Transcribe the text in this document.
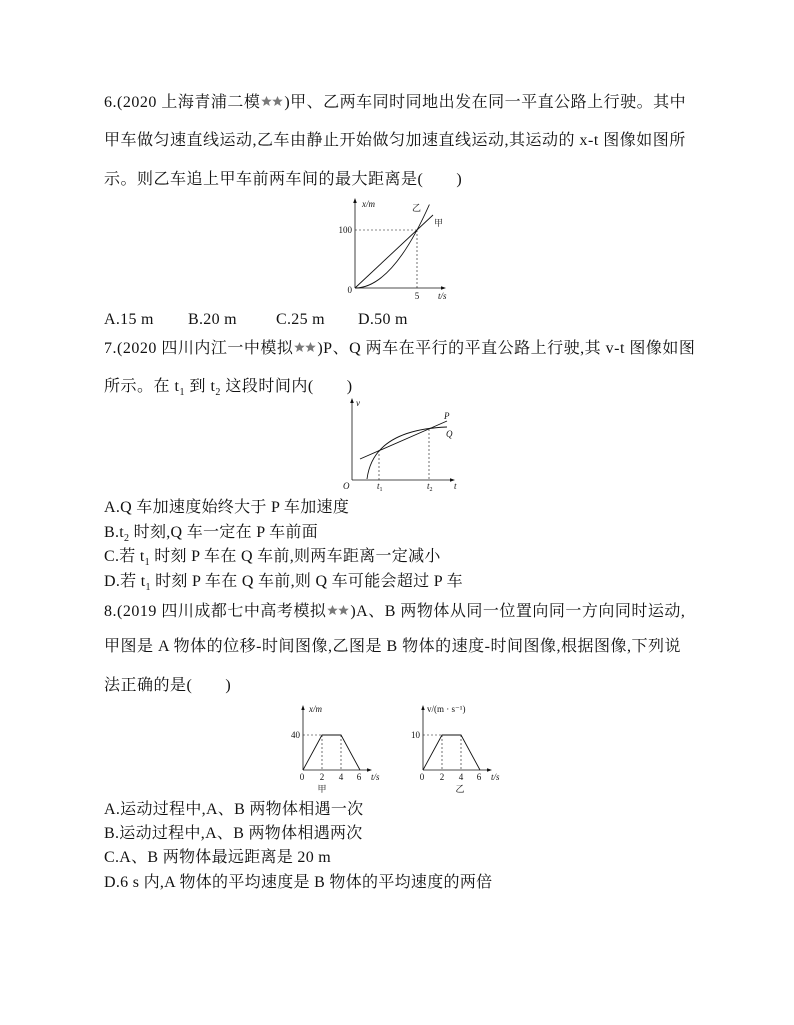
6.(2020 上海青浦二模 )甲、乙两车同时同地出发在同一平直公路上行驶。其中
甲车做匀速直线运动,乙车由静止开始做匀加速直线运动,其运动的 x-t 图像如图所
示。则乙车追上甲车前两车间的最大距离是(　　)
x/m
100
0
5 t/s
乙
甲
A.15 m B.20 m C.25 m D.50 m
7.(2020 四川内江一中模拟 )P、Q 两车在平行的平直公路上行驶,其 v-t 图像如图
所示。在 $t_1$ 到 $t_2$ 这段时间内(　　)
v
t
O	$t_1$	$t_2$
P
Q
A.Q 车加速度始终大于 P 车加速度
$B.t_2$ 时刻,Q 车一定在 P 车前面
C.若 $t_1$ 时刻 P 车在 Q 车前,则两车距离一定减小
D.若 $t_1$ 时刻 P 车在 Q 车前,则 Q 车可能会超过 P 车
8.(2019 四川成都七中高考模拟 )A、B 两物体从同一位置向同一方向同时运动,
甲图是 A 物体的位移-时间图像,乙图是 B 物体的速度-时间图像,根据图像,下列说
法正确的是(　　)
x/m
40
0 2 4 6 t/s
甲
v/(m · s⁻¹)
10
0 2 4 6 t/s
乙
A.运动过程中,A、B 两物体相遇一次
B.运动过程中,A、B 两物体相遇两次
C.A、B 两物体最远距离是 20 m
D.6 s 内,A 物体的平均速度是 B 物体的平均速度的两倍
